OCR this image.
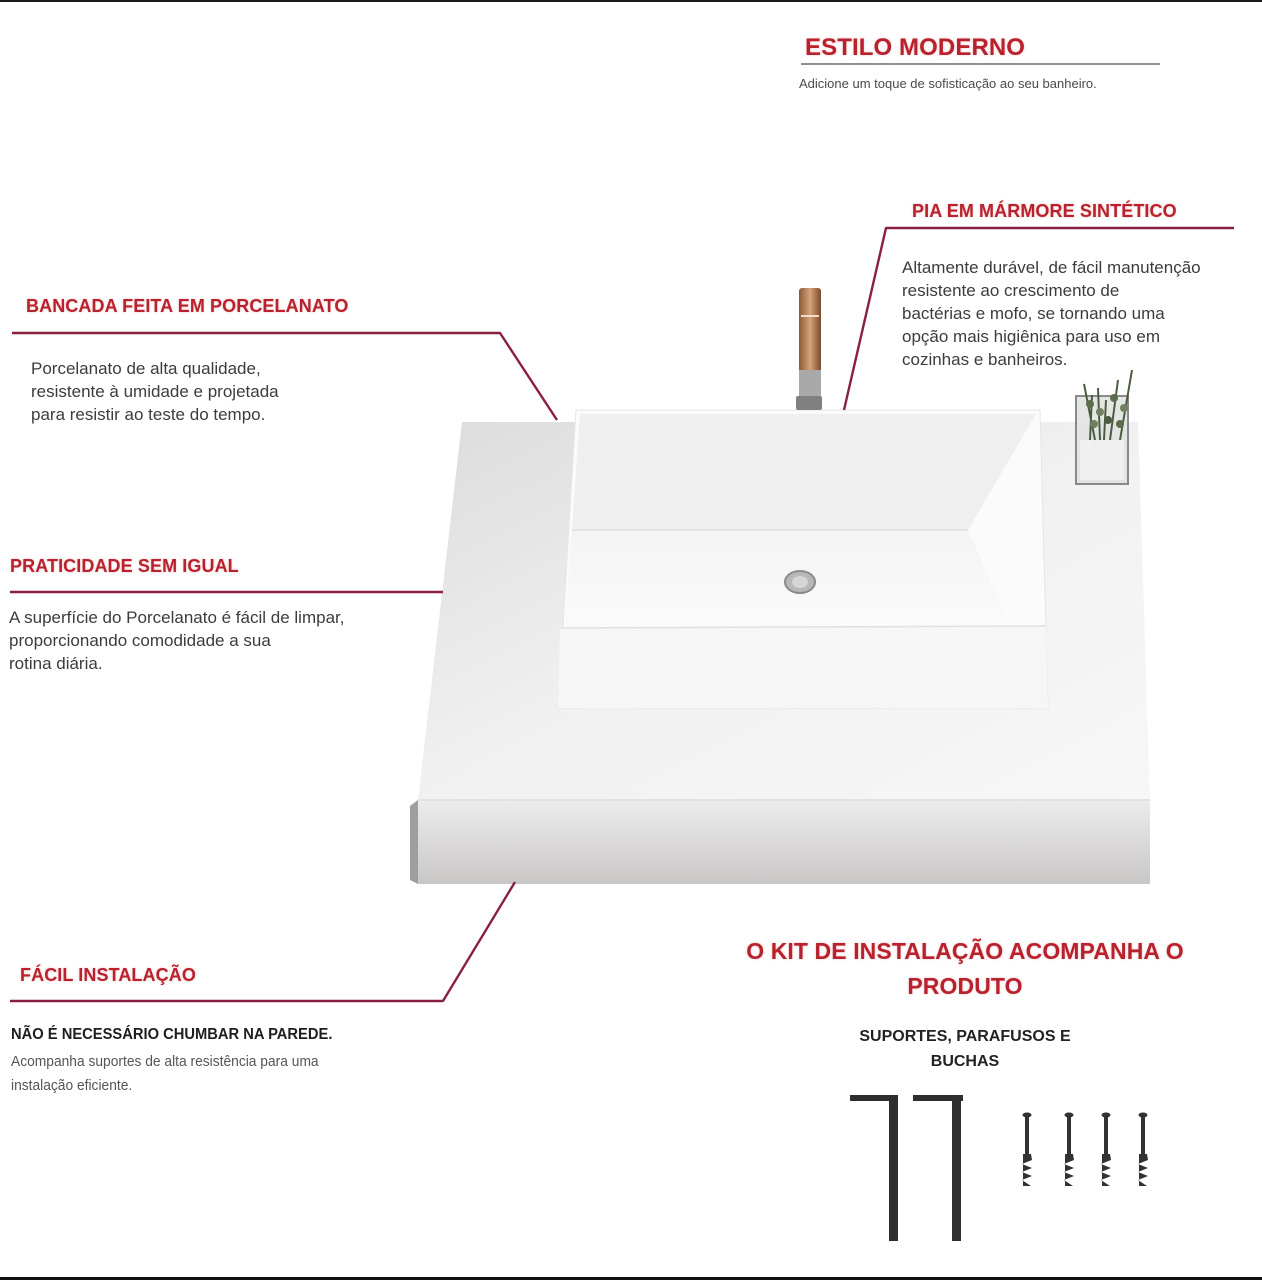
ESTILO MODERNO
Adicione um toque de sofisticação ao seu banheiro.
PIA EM MÁRMORE SINTÉTICO
Altamente durável, de fácil manutenção
resistente ao crescimento de
bactérias e mofo, se tornando uma
opção mais higiênica para uso em
cozinhas e banheiros.
BANCADA FEITA EM PORCELANATO
Porcelanato de alta qualidade,
resistente à umidade e projetada
para resistir ao teste do tempo.
PRATICIDADE SEM IGUAL
A superfície do Porcelanato é fácil de limpar,
proporcionando comodidade a sua
rotina diária.
FÁCIL INSTALAÇÃO
NÃO É NECESSÁRIO CHUMBAR NA PAREDE.
Acompanha suportes de alta resistência para uma
instalação eficiente.
O KIT DE INSTALAÇÃO ACOMPANHA O
PRODUTO
SUPORTES, PARAFUSOS E
BUCHAS
